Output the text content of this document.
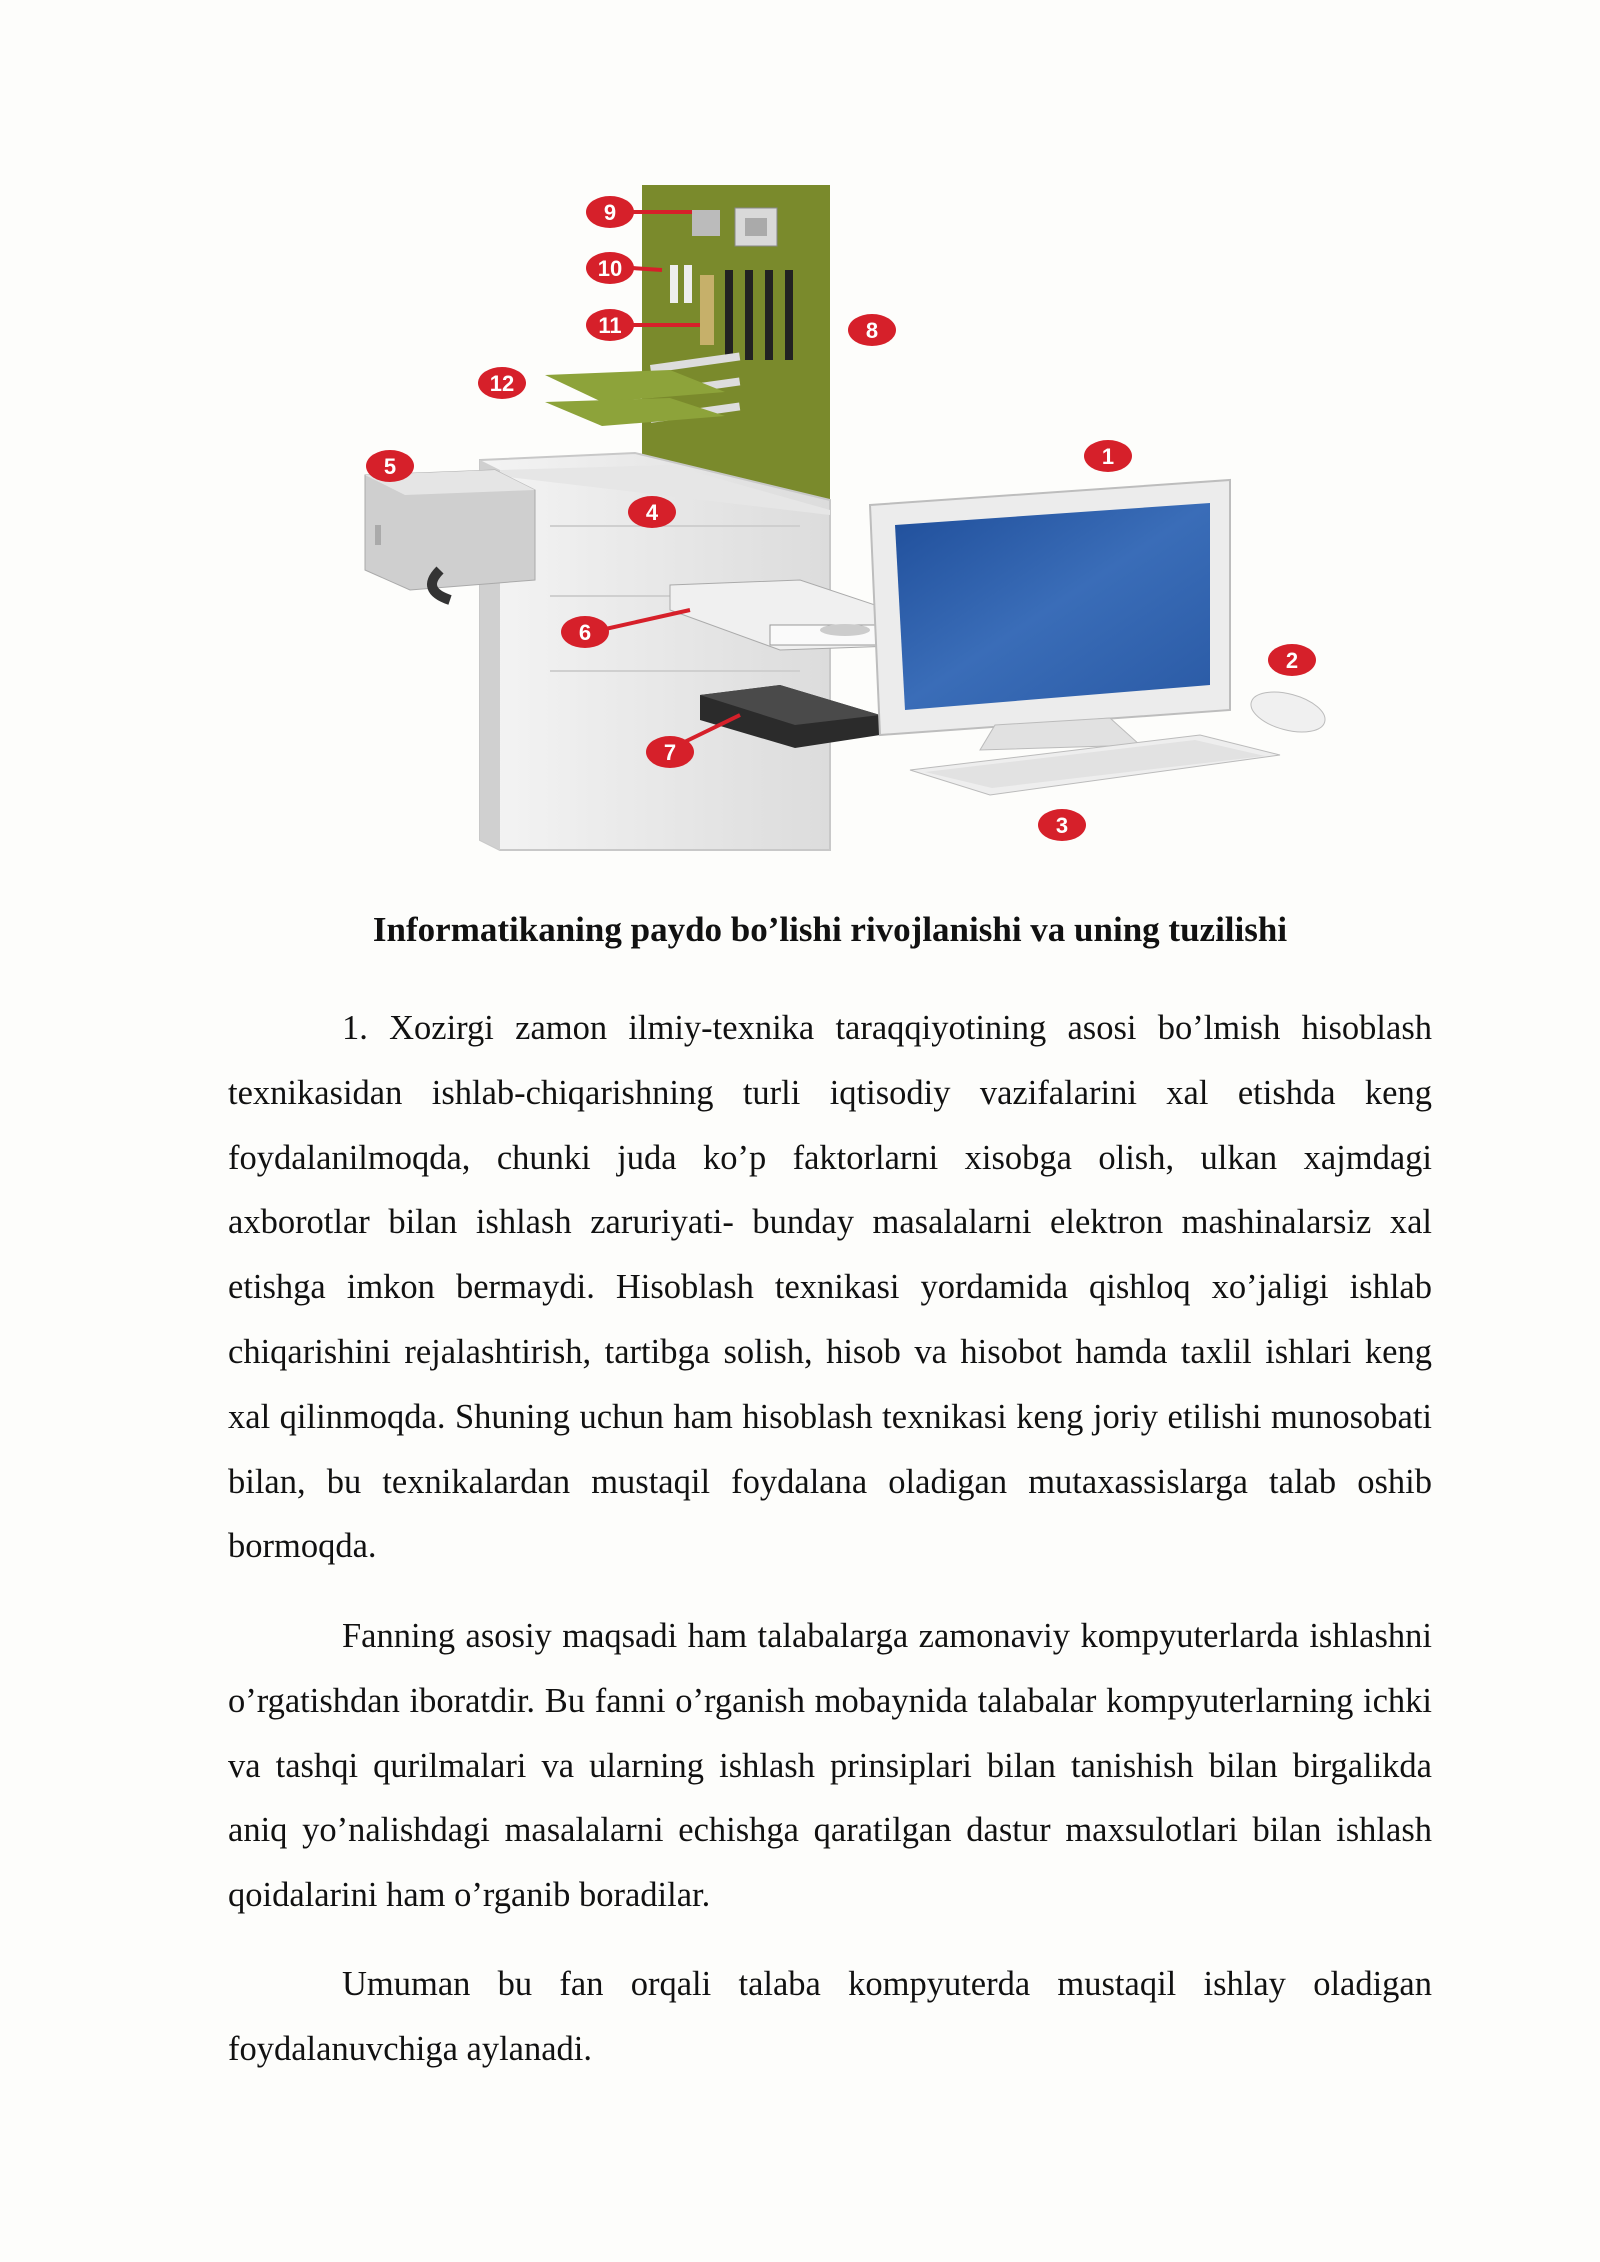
9
10
11	8
12
5
4
1
6
2
7
3
Informatikaning paydo bo’lishi rivojlanishi va uning tuzilishi

1. Xozirgi zamon ilmiy-texnika taraqqiyotining asosi bo’lmish hisoblash texnikasidan ishlab-chiqarishning turli iqtisodiy vazifalarini xal etishda keng foydalanilmoqda, chunki juda ko’p faktorlarni xisobga olish, ulkan xajmdagi axborotlar bilan ishlash zaruriyati- bunday masalalarni elektron mashinalarsiz xal etishga imkon bermaydi. Hisoblash texnikasi yordamida qishloq xo’jaligi ishlab chiqarishini rejalashtirish, tartibga solish, hisob va hisobot hamda taxlil ishlari keng xal qilinmoqda. Shuning uchun ham hisoblash texnikasi keng joriy etilishi munosobati bilan, bu texnikalardan mustaqil foydalana oladigan mutaxassislarga talab oshib bormoqda.

Fanning asosiy maqsadi ham talabalarga zamonaviy kompyuterlarda ishlashni o’rgatishdan iboratdir. Bu fanni o’rganish mobaynida talabalar kompyuterlarning ichki va tashqi qurilmalari va ularning ishlash prinsiplari bilan tanishish bilan birgalikda aniq yo’nalishdagi masalalarni echishga qaratilgan dastur maxsulotlari bilan ishlash qoidalarini ham o’rganib boradilar.

Umuman bu fan orqali talaba kompyuterda mustaqil ishlay oladigan foydalanuvchiga aylanadi.
